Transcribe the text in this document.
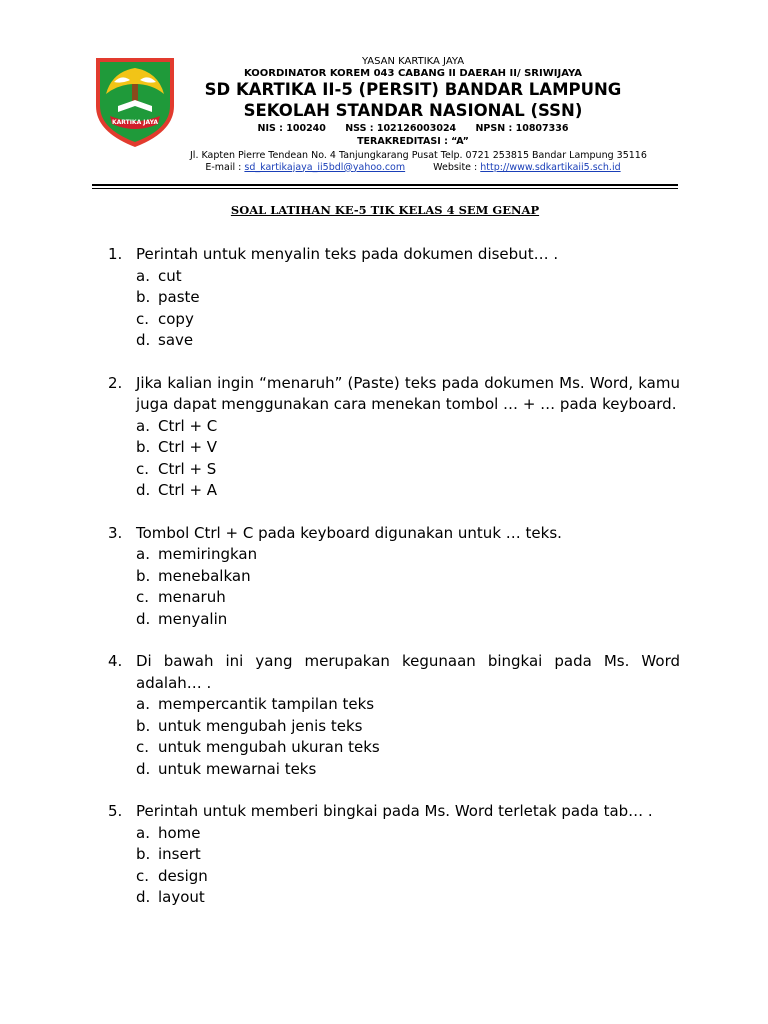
KARTIKA JAYA
YASAN KARTIKA JAYA
KOORDINATOR KOREM 043 CABANG II DAERAH II/ SRIWIJAYA
SD KARTIKA II-5 (PERSIT) BANDAR LAMPUNG
SEKOLAH STANDAR NASIONAL (SSN)
NIS : 100240 NSS : 102126003024 NPSN : 10807336
TERAKREDITASI : “A”
Jl. Kapten Pierre Tendean No. 4 Tanjungkarang Pusat Telp. 0721 253815 Bandar Lampung 35116
E-mail : sd_kartikajaya_ii5bdl@yahoo.com	Website : http://www.sdkartikaii5.sch.id
SOAL LATIHAN KE-5 TIK KELAS 4 SEM GENAP
1. Perintah untuk menyalin teks pada dokumen disebut… .
a. cut
b. paste
c. copy
d. save
2. Jika kalian ingin “menaruh” (Paste) teks pada dokumen Ms. Word, kamu juga dapat menggunakan cara menekan tombol … + … pada keyboard.
a. Ctrl + C
b. Ctrl + V
c. Ctrl + S
d. Ctrl + A
3. Tombol Ctrl + C pada keyboard digunakan untuk … teks.
a. memiringkan
b. menebalkan
c. menaruh
d. menyalin
4. Di bawah ini yang merupakan kegunaan bingkai pada Ms. Word adalah… .
a. mempercantik tampilan teks
b. untuk mengubah jenis teks
c. untuk mengubah ukuran teks
d. untuk mewarnai teks
5. Perintah untuk memberi bingkai pada Ms. Word terletak pada tab… .
a. home
b. insert
c. design
d. layout
